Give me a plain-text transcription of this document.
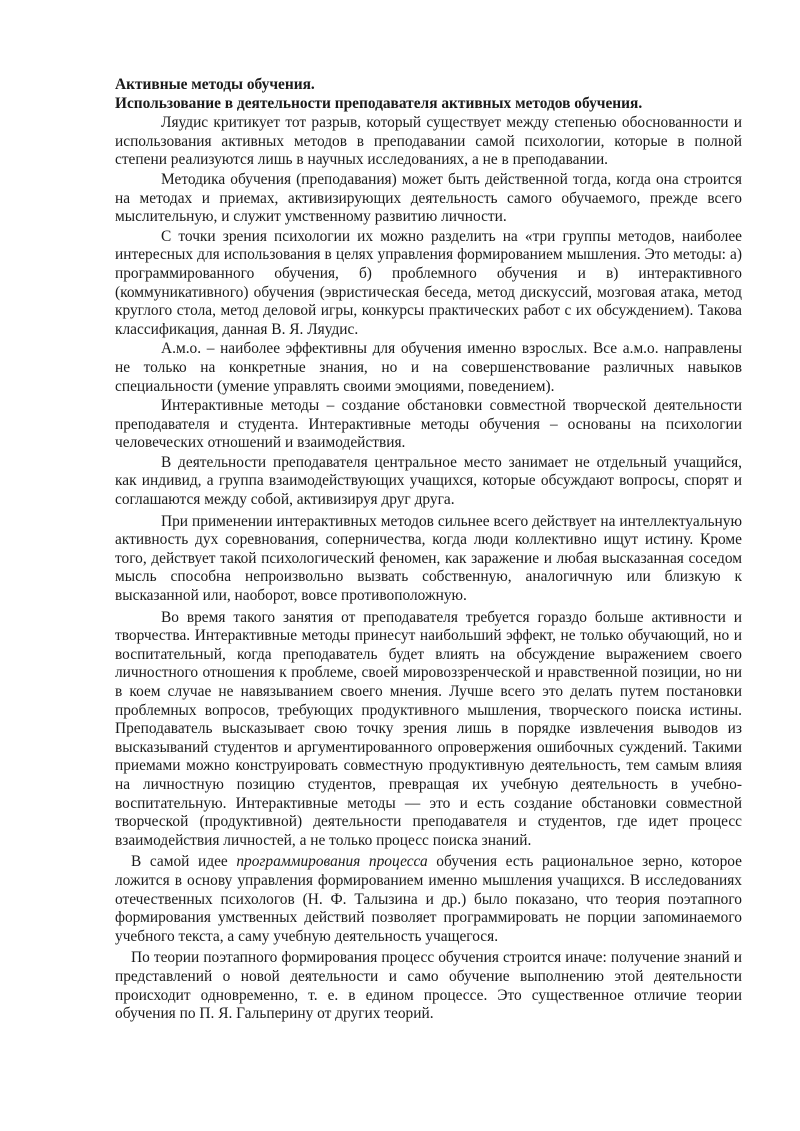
Активные методы обучения.
Использование в деятельности преподавателя активных методов обучения.

Ляудис критикует тот разрыв, который существует между степенью обоснованности и использования активных методов в преподавании самой психологии, которые в полной степени реализуются лишь в научных исследованиях, а не в преподавании.

Методика обучения (преподавания) может быть действенной тогда, когда она строится на методах и приемах, активизирующих деятельность самого обучаемого, прежде всего мыслительную, и служит умственному развитию личности.

С точки зрения психологии их можно разделить на «три группы методов, наиболее интересных для использования в целях управления формированием мышления. Это методы: а) программированного обучения, б) проблемного обучения и в) интерактивного (коммуникативного) обучения (эвристическая беседа, метод дискуссий, мозговая атака, метод круглого стола, метод деловой игры, конкурсы практических работ с их обсуждением). Такова классификация, данная В. Я. Ляудис.

А.м.о. – наиболее эффективны для обучения именно взрослых. Все а.м.о. направлены не только на конкретные знания, но и на совершенствование различных навыков специальности (умение управлять своими эмоциями, поведением).

Интерактивные методы – создание обстановки совместной творческой деятельности преподавателя и студента. Интерактивные методы обучения – основаны на психологии человеческих отношений и взаимодействия.

В деятельности преподавателя центральное место занимает не отдельный учащийся, как индивид, а группа взаимодействующих учащихся, которые обсуждают вопросы, спорят и соглашаются между собой, активизируя друг друга.

При применении интерактивных методов сильнее всего действует на интеллектуальную активность дух соревнования, соперничества, когда люди коллективно ищут истину. Кроме того, действует такой психологический феномен, как заражение и любая высказанная соседом мысль способна непроизвольно вызвать собственную, аналогичную или близкую к высказанной или, наоборот, вовсе противоположную.

Во время такого занятия от преподавателя требуется гораздо больше активности и творчества. Интерактивные методы принесут наибольший эффект, не только обучающий, но и воспитательный, когда преподаватель будет влиять на обсуждение выражением своего личностного отношения к проблеме, своей мировоззренческой и нравственной позиции, но ни в коем случае не навязыванием своего мнения. Лучше всего это делать путем постановки проблемных вопросов, требующих продуктивного мышления, творческого поиска истины. Преподаватель высказывает свою точку зрения лишь в порядке извлечения выводов из высказываний студентов и аргументированного опровержения ошибочных суждений. Такими приемами можно конструировать совместную продуктивную деятельность, тем самым влияя на личностную позицию студентов, превращая их учебную деятельность в учебно-воспитательную. Интерактивные методы — это и есть создание обстановки совместной творческой (продуктивной) деятельности преподавателя и студентов, где идет процесс взаимодействия личностей, а не только процесс поиска знаний.

В самой идее программирования процесса обучения есть рациональное зерно, которое ложится в основу управления формированием именно мышления учащихся. В исследованиях отечественных психологов (Н. Ф. Талызина и др.) было показано, что теория поэтапного формирования умственных действий позволяет программировать не порции запоминаемого учебного текста, а саму учебную деятельность учащегося.

По теории поэтапного формирования процесс обучения строится иначе: получение знаний и представлений о новой деятельности и само обучение выполнению этой деятельности происходит одновременно, т. е. в едином процессе. Это существенное отличие теории обучения по П. Я. Гальперину от других теорий.
